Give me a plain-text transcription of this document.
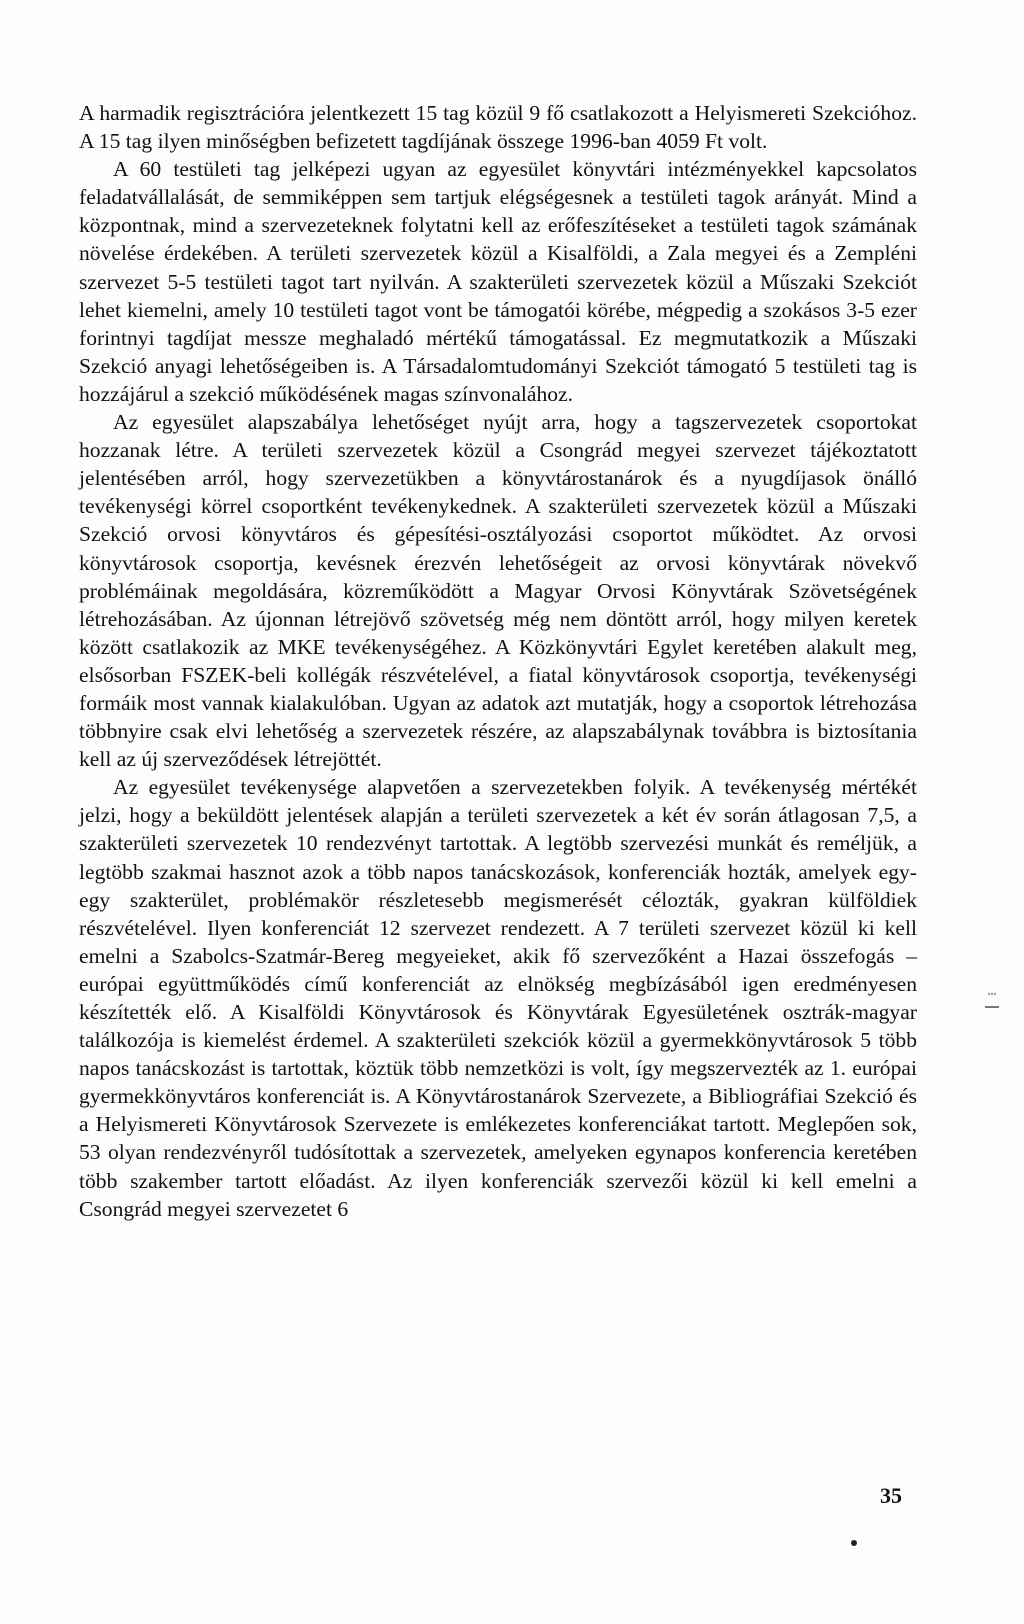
A harmadik regisztrációra jelentkezett 15 tag közül 9 fő csatlakozott a Helyismereti Szekcióhoz. A 15 tag ilyen minőségben befizetett tagdíjának összege 1996-ban 4059 Ft volt.

A 60 testületi tag jelképezi ugyan az egyesület könyvtári intézményekkel kapcsolatos feladatvállalását, de semmiképpen sem tartjuk elégségesnek a testületi tagok arányát. Mind a központnak, mind a szervezeteknek folytatni kell az erőfeszítéseket a testületi tagok számának növelése érdekében. A területi szervezetek közül a Kisalföldi, a Zala megyei és a Zempléni szervezet 5-5 testületi tagot tart nyilván. A szakterületi szervezetek közül a Műszaki Szekciót lehet kiemelni, amely 10 testületi tagot vont be támogatói körébe, mégpedig a szokásos 3-5 ezer forintnyi tagdíjat messze meghaladó mértékű támogatással. Ez megmutatkozik a Műszaki Szekció anyagi lehetőségeiben is. A Társadalomtudományi Szekciót támogató 5 testületi tag is hozzájárul a szekció működésének magas színvonalához.

Az egyesület alapszabálya lehetőséget nyújt arra, hogy a tagszervezetek csoportokat hozzanak létre. A területi szervezetek közül a Csongrád megyei szervezet tájékoztatott jelentésében arról, hogy szervezetükben a könyvtárostanárok és a nyugdíjasok önálló tevékenységi körrel csoportként tevékenykednek. A szakterületi szervezetek közül a Műszaki Szekció orvosi könyvtáros és gépesítési-osztályozási csoportot működtet. Az orvosi könyvtárosok csoportja, kevésnek érezvén lehetőségeit az orvosi könyvtárak növekvő problémáinak megoldására, közreműködött a Magyar Orvosi Könyvtárak Szövetségének létrehozásában. Az újonnan létrejövő szövetség még nem döntött arról, hogy milyen keretek között csatlakozik az MKE tevékenységéhez. A Közkönyvtári Egylet keretében alakult meg, elsősorban FSZEK-beli kollégák részvételével, a fiatal könyvtárosok csoportja, tevékenységi formáik most vannak kialakulóban. Ugyan az adatok azt mutatják, hogy a csoportok létrehozása többnyire csak elvi lehetőség a szervezetek részére, az alapszabálynak továbbra is biztosítania kell az új szerveződések létrejöttét.

Az egyesület tevékenysége alapvetően a szervezetekben folyik. A tevékenység mértékét jelzi, hogy a beküldött jelentések alapján a területi szervezetek a két év során átlagosan 7,5, a szakterületi szervezetek 10 rendezvényt tartottak. A legtöbb szervezési munkát és reméljük, a legtöbb szakmai hasznot azok a több napos tanácskozások, konferenciák hozták, amelyek egy-egy szakterület, problémakör részletesebb megismerését célozták, gyakran külföldiek részvételével. Ilyen konferenciát 12 szervezet rendezett. A 7 területi szervezet közül ki kell emelni a Szabolcs-Szatmár-Bereg megyeieket, akik fő szervezőként a Hazai összefogás – európai együttműködés című konferenciát az elnökség megbízásából igen eredményesen készítették elő. A Kisalföldi Könyvtárosok és Könyvtárak Egyesületének osztrák-magyar találkozója is kiemelést érdemel. A szakterületi szekciók közül a gyermekkönyvtárosok 5 több napos tanácskozást is tartottak, köztük több nemzetközi is volt, így megszervezték az 1. európai gyermekkönyvtáros konferenciát is. A Könyvtárostanárok Szervezete, a Bibliográfiai Szekció és a Helyismereti Könyvtárosok Szervezete is emlékezetes konferenciákat tartott. Meglepően sok, 53 olyan rendezvényről tudósítottak a szervezetek, amelyeken egynapos konferencia keretében több szakember tartott előadást. Az ilyen konferenciák szervezői közül ki kell emelni a Csongrád megyei szervezetet 6

35
